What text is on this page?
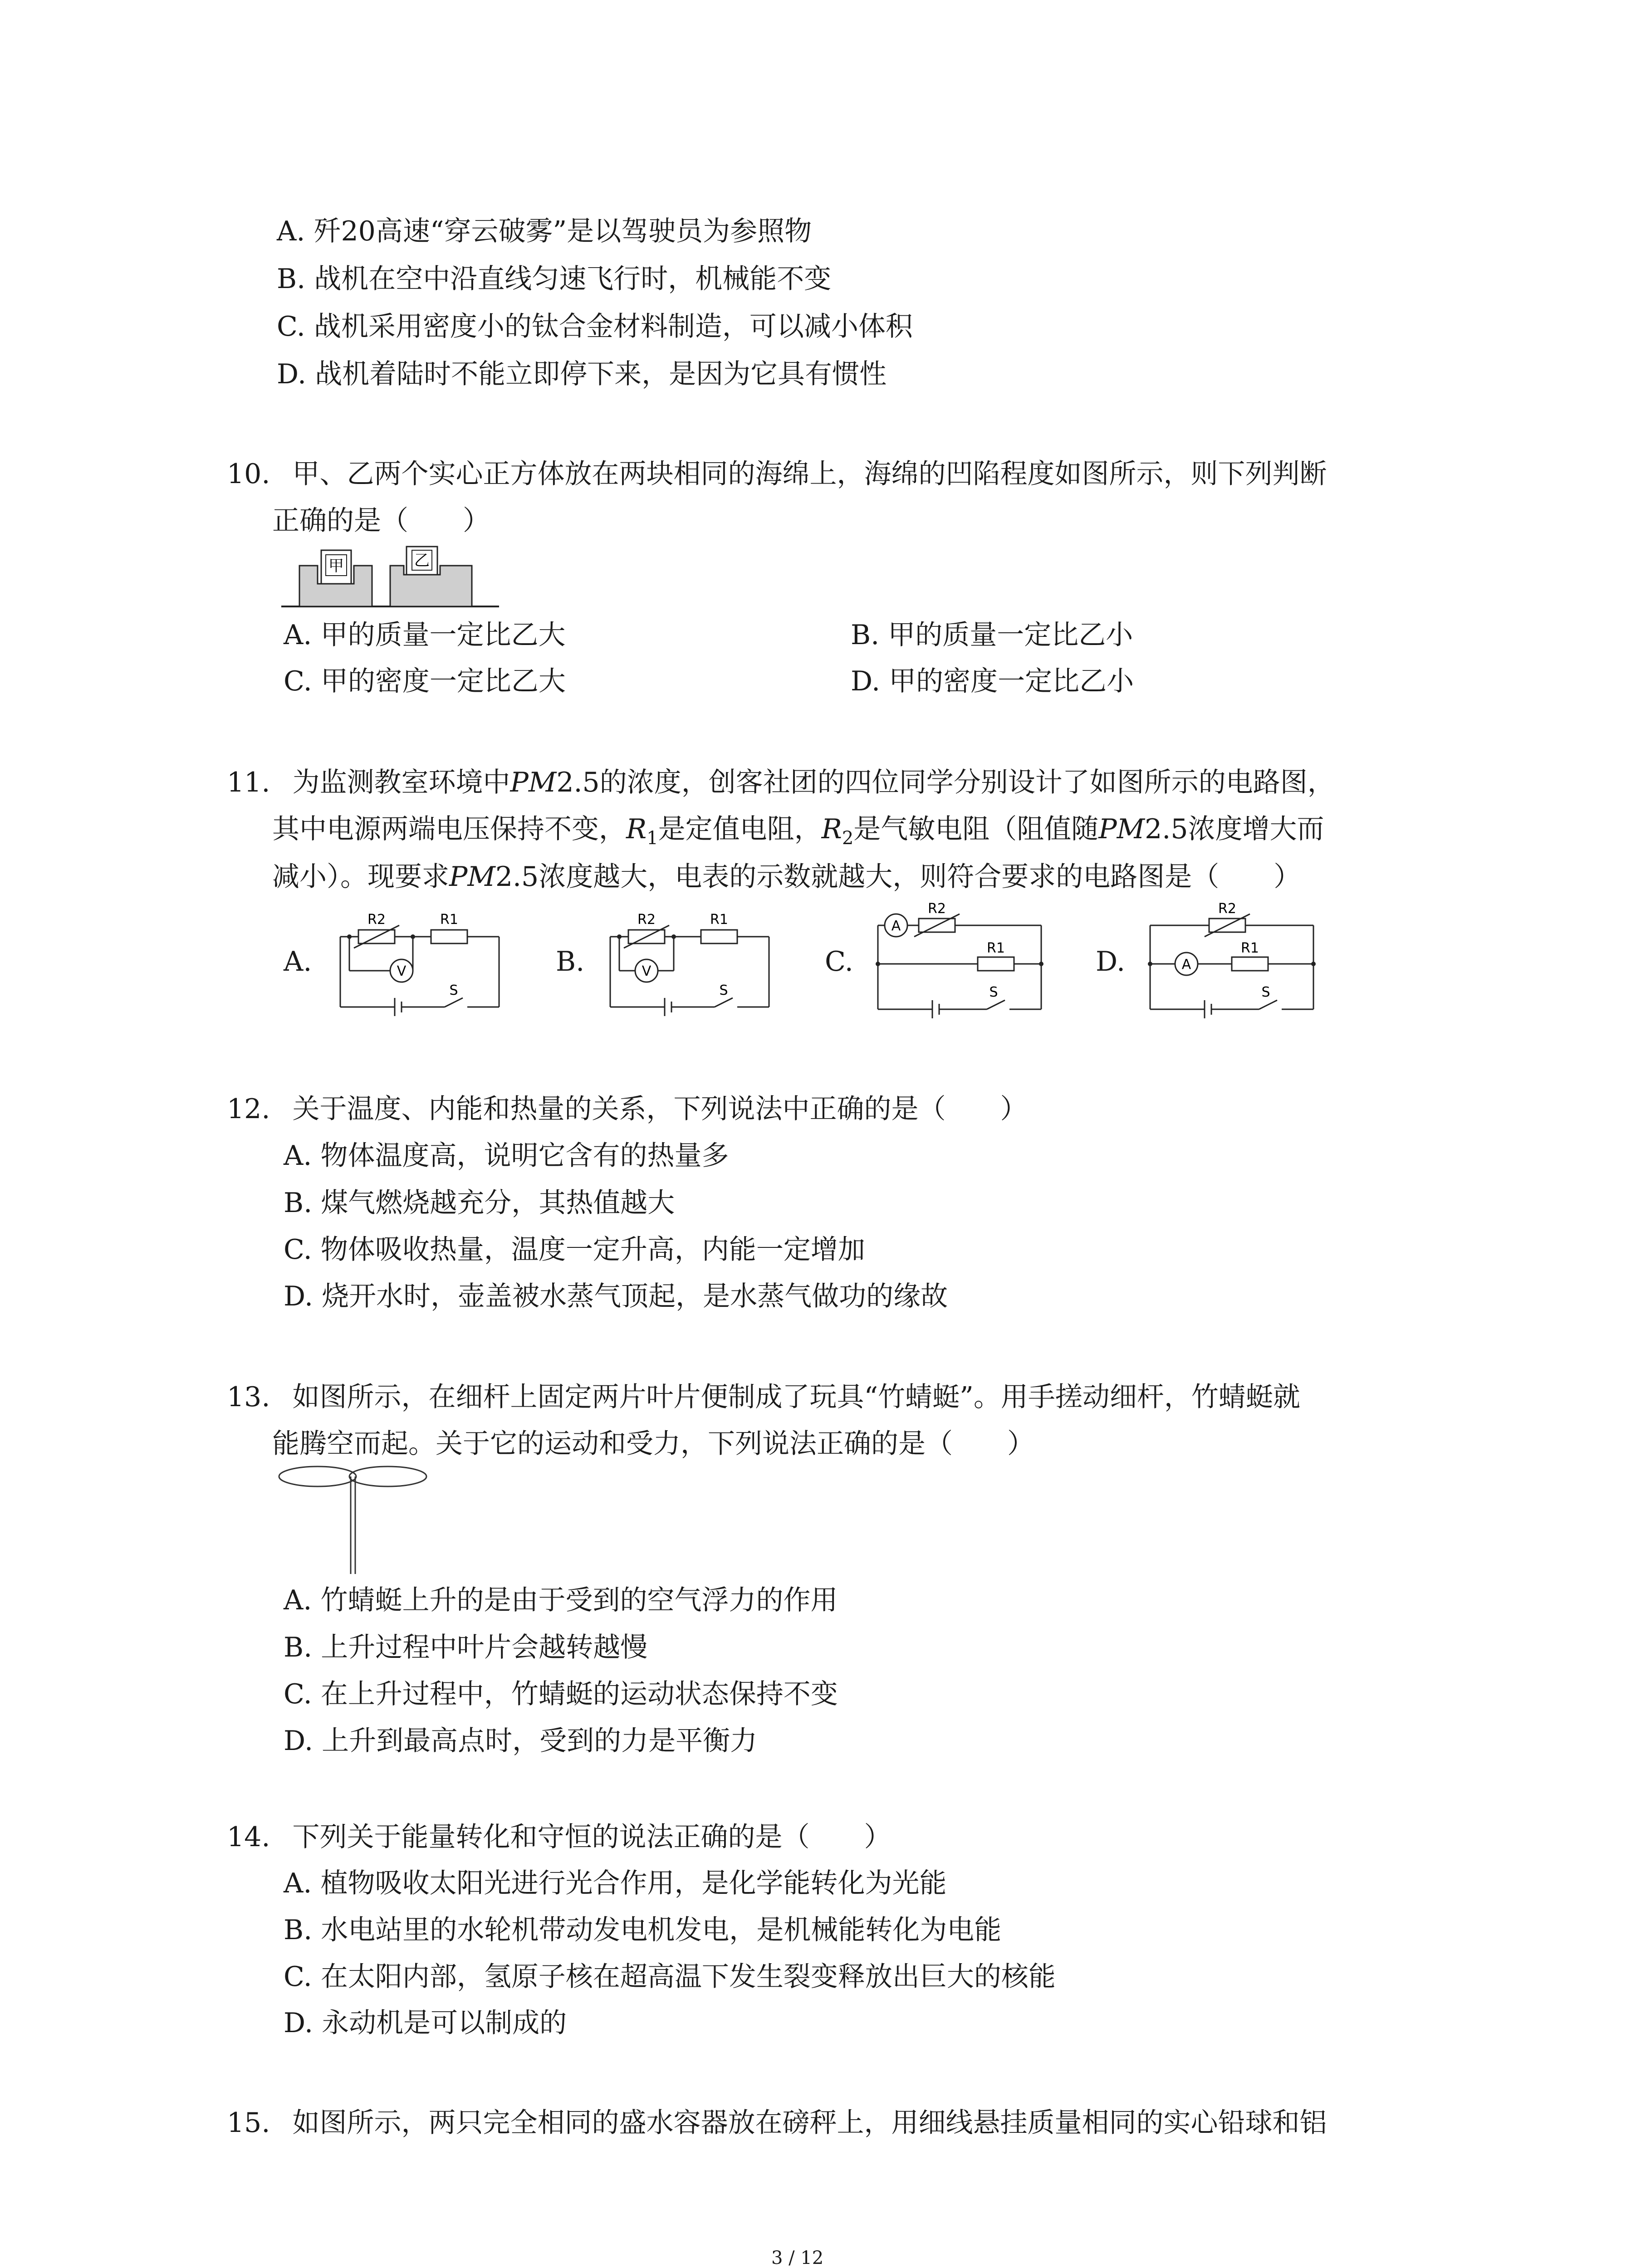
A. 歼20高速“穿云破雾”是以驾驶员为参照物
B. 战机在空中沿直线匀速飞行时，机械能不变
C. 战机采用密度小的钛合金材料制造，可以减小体积
D. 战机着陆时不能立即停下来，是因为它具有惯性
10. 甲、乙两个实心正方体放在两块相同的海绵上，海绵的凹陷程度如图所示，则下列判断
正确的是（　　）
甲	乙
A. 甲的质量一定比乙大	B. 甲的质量一定比乙小
C. 甲的密度一定比乙大	D. 甲的密度一定比乙小
11. 为监测教室环境中PM2.5的浓度，创客社团的四位同学分别设计了如图所示的电路图，
其中电源两端电压保持不变，$R_1$是定值电阻，$R_2$是气敏电阻（阻值随PM2.5浓度增大而
减小）。现要求PM2.5浓度越大，电表的示数就越大，则符合要求的电路图是（　　）
A.	B.	C.	D.
R2	R1
V
S
R2	R1
V
S
A
R2
R1
S
R2
A
R1
S
12. 关于温度、内能和热量的关系，下列说法中正确的是（　　）
A. 物体温度高，说明它含有的热量多
B. 煤气燃烧越充分，其热值越大
C. 物体吸收热量，温度一定升高，内能一定增加
D. 烧开水时，壶盖被水蒸气顶起，是水蒸气做功的缘故
13. 如图所示，在细杆上固定两片叶片便制成了玩具“竹蜻蜓”。用手搓动细杆，竹蜻蜓就
能腾空而起。关于它的运动和受力，下列说法正确的是（　　）
A. 竹蜻蜓上升的是由于受到的空气浮力的作用
B. 上升过程中叶片会越转越慢
C. 在上升过程中，竹蜻蜓的运动状态保持不变
D. 上升到最高点时，受到的力是平衡力
14. 下列关于能量转化和守恒的说法正确的是（　　）
A. 植物吸收太阳光进行光合作用，是化学能转化为光能
B. 水电站里的水轮机带动发电机发电，是机械能转化为电能
C. 在太阳内部，氢原子核在超高温下发生裂变释放出巨大的核能
D. 永动机是可以制成的
15. 如图所示，两只完全相同的盛水容器放在磅秤上，用细线悬挂质量相同的实心铅球和铝
3 / 12
